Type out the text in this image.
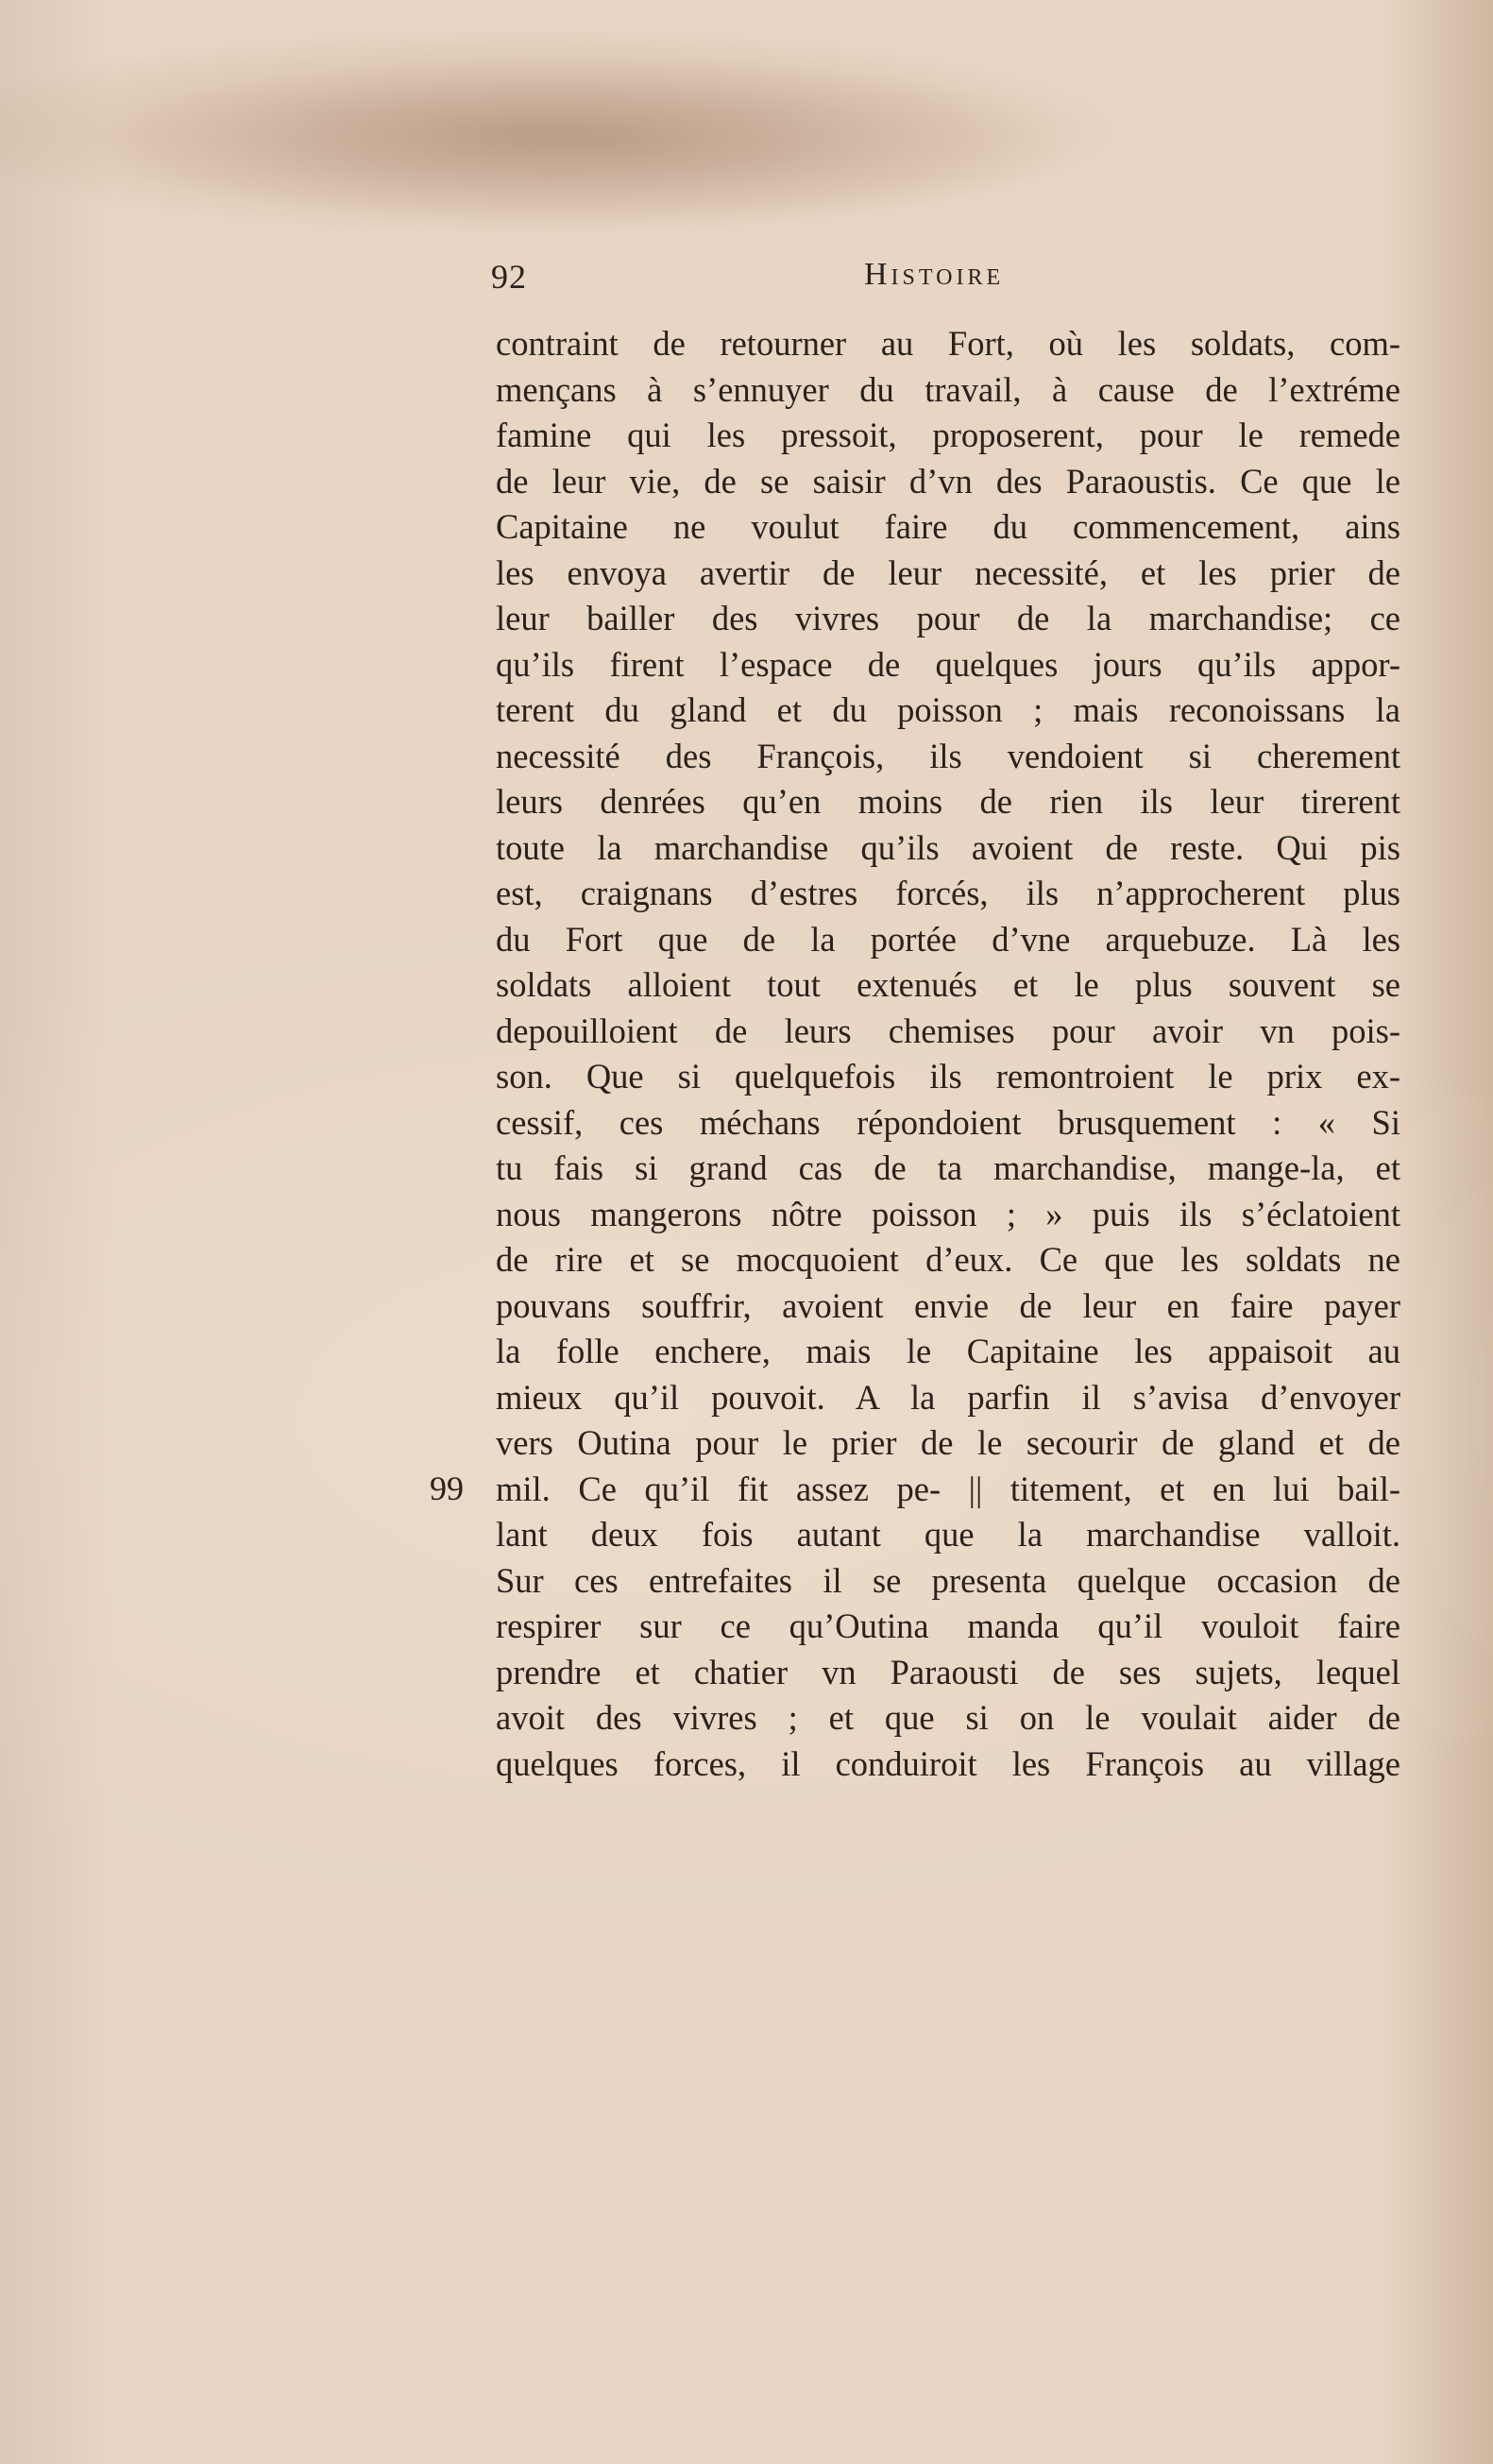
92	Histoire
contraint de retourner au Fort, où les soldats, com-
mençans à s’ennuyer du travail, à cause de l’extréme
famine qui les pressoit, proposerent, pour le remede
de leur vie, de se saisir d’vn des Paraoustis. Ce que le
Capitaine ne voulut faire du commencement, ains
les envoya avertir de leur necessité, et les prier de
leur bailler des vivres pour de la marchandise; ce
qu’ils firent l’espace de quelques jours qu’ils appor-
terent du gland et du poisson ; mais reconoissans la
necessité des François, ils vendoient si cherement
leurs denrées qu’en moins de rien ils leur tirerent
toute la marchandise qu’ils avoient de reste. Qui pis
est, craignans d’estres forcés, ils n’approcherent plus
du Fort que de la portée d’vne arquebuze. Là les
soldats alloient tout extenués et le plus souvent se
depouilloient de leurs chemises pour avoir vn pois-
son. Que si quelquefois ils remontroient le prix ex-
cessif, ces méchans répondoient brusquement : « Si
tu fais si grand cas de ta marchandise, mange-la, et
nous mangerons nôtre poisson ; » puis ils s’éclatoient
de rire et se mocquoient d’eux. Ce que les soldats ne
pouvans souffrir, avoient envie de leur en faire payer
la folle enchere, mais le Capitaine les appaisoit au
mieux qu’il pouvoit. A la parfin il s’avisa d’envoyer
vers Outina pour le prier de le secourir de gland et de
99 mil. Ce qu’il fit assez pe- || titement, et en lui bail-
lant deux fois autant que la marchandise valloit.
Sur ces entrefaites il se presenta quelque occasion de
respirer sur ce qu’Outina manda qu’il vouloit faire
prendre et chatier vn Paraousti de ses sujets, lequel
avoit des vivres ; et que si on le voulait aider de
quelques forces, il conduiroit les François au village
